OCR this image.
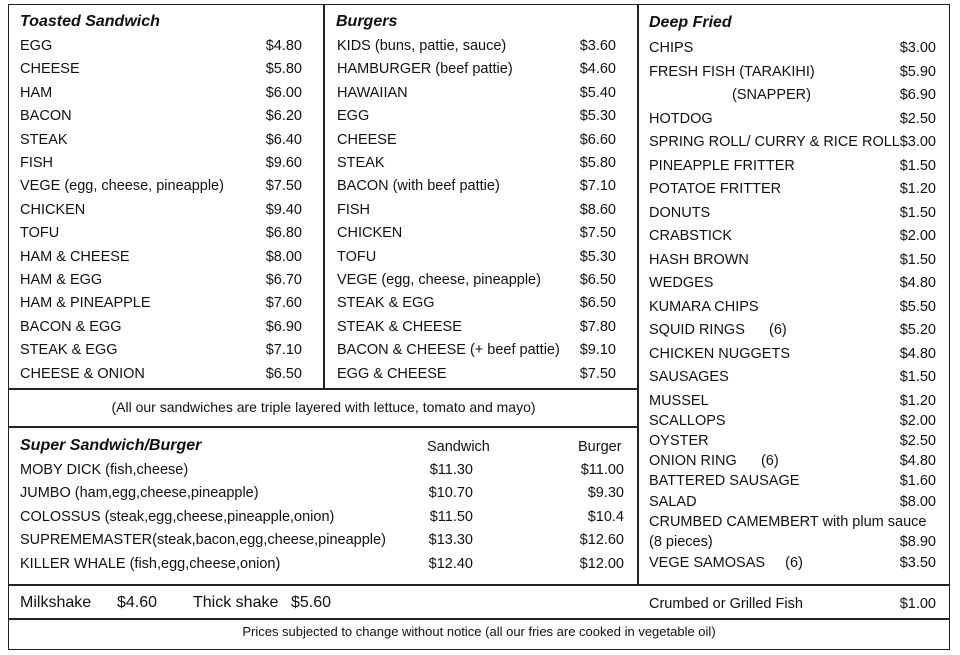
Toasted Sandwich
EGG	$4.80
CHEESE	$5.80
HAM	$6.00
BACON	$6.20
STEAK	$6.40
FISH	$9.60
VEGE (egg, cheese, pineapple)	$7.50
CHICKEN	$9.40
TOFU	$6.80
HAM & CHEESE	$8.00
HAM & EGG	$6.70
HAM & PINEAPPLE	$7.60
BACON & EGG	$6.90
STEAK & EGG	$7.10
CHEESE & ONION	$6.50
Burgers
KIDS (buns, pattie, sauce)	$3.60
HAMBURGER (beef pattie)	$4.60
HAWAIIAN	$5.40
EGG	$5.30
CHEESE	$6.60
STEAK	$5.80
BACON (with beef pattie)	$7.10
FISH	$8.60
CHICKEN	$7.50
TOFU	$5.30
VEGE (egg, cheese, pineapple)	$6.50
STEAK & EGG	$6.50
STEAK & CHEESE	$7.80
BACON & CHEESE (+ beef pattie)	$9.10
EGG & CHEESE	$7.50
Deep Fried
CHIPS	$3.00
FRESH FISH (TARAKIHI)	$5.90
(SNAPPER)	$6.90
HOTDOG	$2.50
SPRING ROLL/ CURRY & RICE ROLL $3.00
PINEAPPLE FRITTER	$1.50
POTATOE FRITTER	$1.20
DONUTS	$1.50
CRABSTICK	$2.00
HASH BROWN	$1.50
WEDGES	$4.80
KUMARA CHIPS	$5.50
SQUID RINGS      (6)	$5.20
CHICKEN NUGGETS	$4.80
SAUSAGES	$1.50
MUSSEL	$1.20
SCALLOPS	$2.00
OYSTER	$2.50
ONION RING      (6)	$4.80
BATTERED SAUSAGE	$1.60
SALAD	$8.00
CRUMBED CAMEMBERT with plum sauce
(8 pieces)	$8.90
VEGE SAMOSAS     (6)	$3.50
(All our sandwiches are triple layered with lettuce, tomato and mayo)
Super Sandwich/Burger	Sandwich	Burger
MOBY DICK (fish,cheese)	$11.30	$11.00
JUMBO (ham,egg,cheese,pineapple)	$10.70	$9.30
COLOSSUS (steak,egg,cheese,pineapple,onion)	$11.50	$10.4
SUPREMEMASTER(steak,bacon,egg,cheese,pineapple)	$13.30	$12.60
KILLER WHALE (fish,egg,cheese,onion)	$12.40	$12.00
Milkshake $4.60 Thick shake $5.60	Crumbed or Grilled Fish	$1.00
Prices subjected to change without notice (all our fries are cooked in vegetable oil)
